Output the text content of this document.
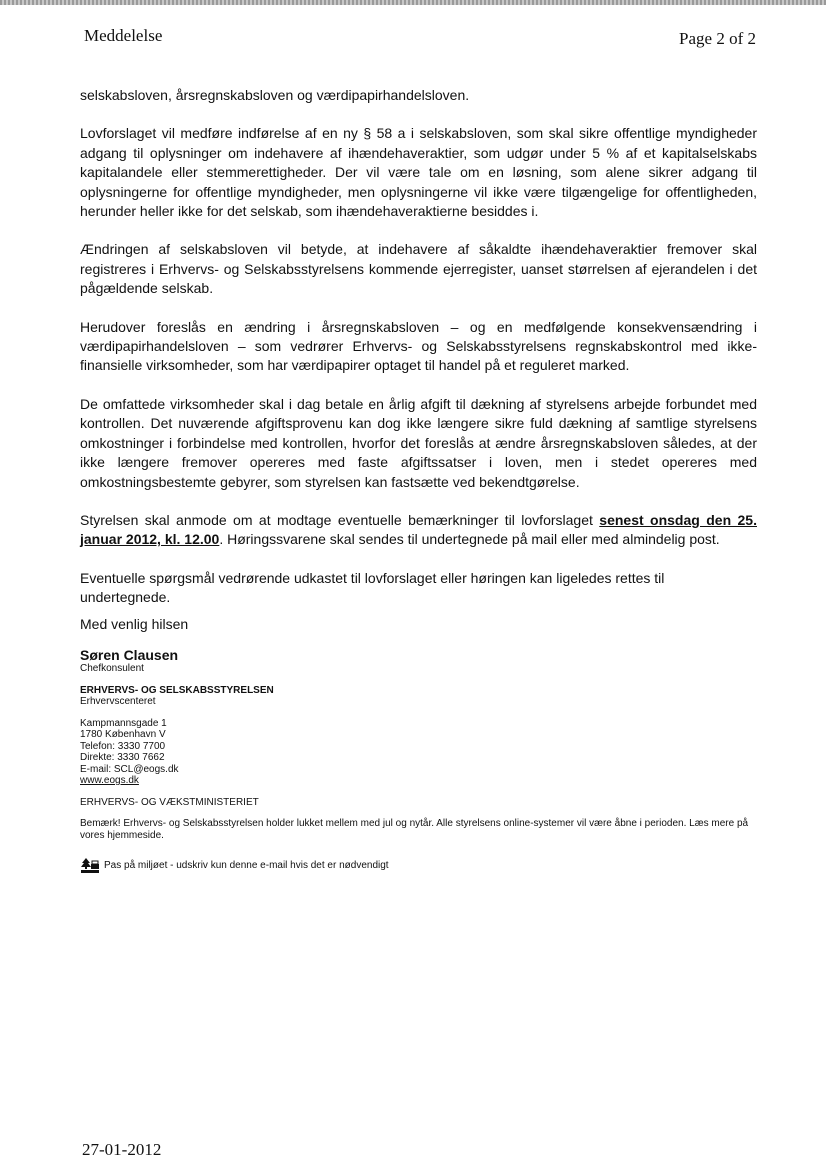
Meddelelse	Page 2 of 2

selskabsloven, årsregnskabsloven og værdipapirhandelsloven.

Lovforslaget vil medføre indførelse af en ny § 58 a i selskabsloven, som skal sikre offentlige myndigheder adgang til oplysninger om indehavere af ihændehaveraktier, som udgør under 5 % af et kapitalselskabs kapitalandele eller stemmerettigheder. Der vil være tale om en løsning, som alene sikrer adgang til oplysningerne for offentlige myndigheder, men oplysningerne vil ikke være tilgængelige for offentligheden, herunder heller ikke for det selskab, som ihændehaveraktierne besiddes i.

Ændringen af selskabsloven vil betyde, at indehavere af såkaldte ihændehaveraktier fremover skal registreres i Erhvervs- og Selskabsstyrelsens kommende ejerregister, uanset størrelsen af ejerandelen i det pågældende selskab.

Herudover foreslås en ændring i årsregnskabsloven – og en medfølgende konsekvensændring i værdipapirhandelsloven – som vedrører Erhvervs- og Selskabsstyrelsens regnskabskontrol med ikke-finansielle virksomheder, som har værdipapirer optaget til handel på et reguleret marked.

De omfattede virksomheder skal i dag betale en årlig afgift til dækning af styrelsens arbejde forbundet med kontrollen. Det nuværende afgiftsprovenu kan dog ikke længere sikre fuld dækning af samtlige styrelsens omkostninger i forbindelse med kontrollen, hvorfor det foreslås at ændre årsregnskabsloven således, at der ikke længere fremover opereres med faste afgiftssatser i loven, men i stedet opereres med omkostningsbestemte gebyrer, som styrelsen kan fastsætte ved bekendtgørelse.

Styrelsen skal anmode om at modtage eventuelle bemærkninger til lovforslaget senest onsdag den 25. januar 2012, kl. 12.00. Høringssvarene skal sendes til undertegnede på mail eller med almindelig post.

Eventuelle spørgsmål vedrørende udkastet til lovforslaget eller høringen kan ligeledes rettes til undertegnede.

Med venlig hilsen

Søren Clausen

Chefkonsulent

ERHVERVS- OG SELSKABSSTYRELSEN

Erhvervscenteret

Kampmannsgade 1

1780 København V

Telefon: 3330 7700

Direkte: 3330 7662

E-mail: SCL@eogs.dk

www.eogs.dk

ERHVERVS- OG VÆKSTMINISTERIET

Bemærk! Erhvervs- og Selskabsstyrelsen holder lukket mellem med jul og nytår. Alle styrelsens online-systemer vil være åbne i perioden. Læs mere på vores hjemmeside.

Pas på miljøet - udskriv kun denne e-mail hvis det er nødvendigt
27-01-2012
